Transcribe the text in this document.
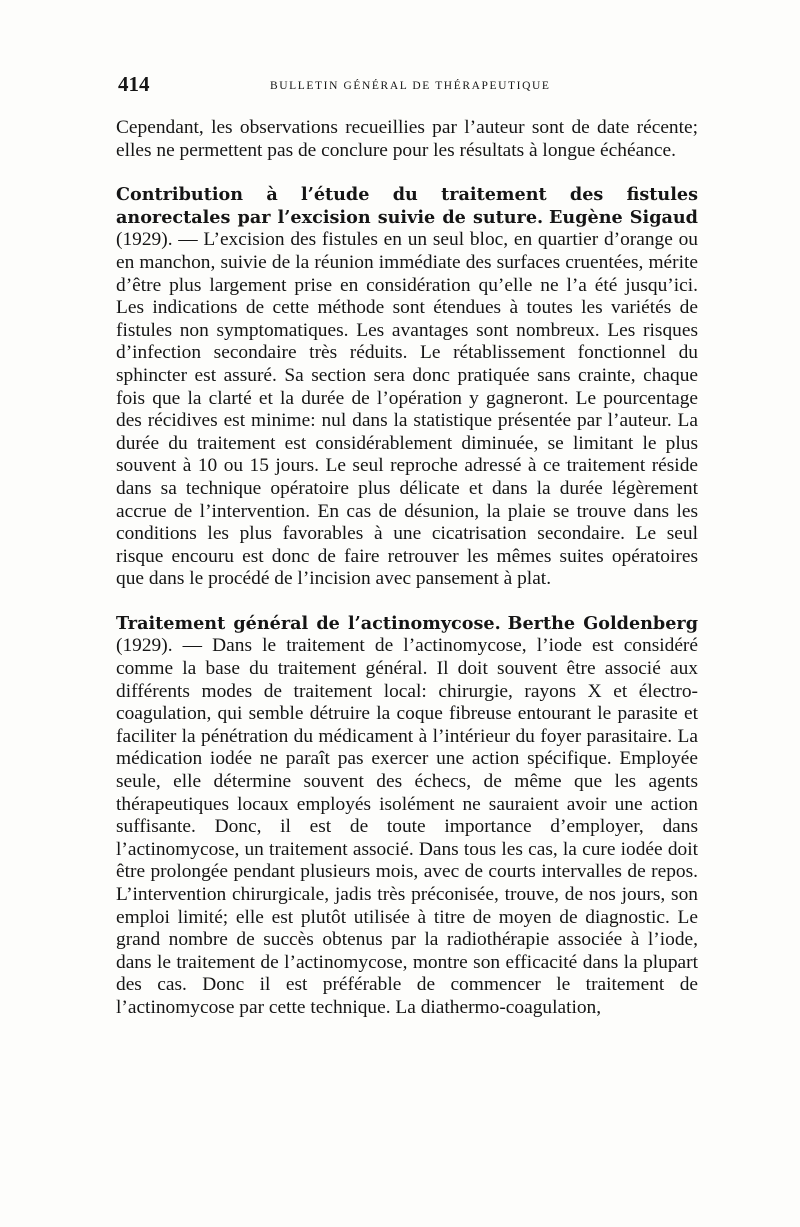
414	BULLETIN GÉNÉRAL DE THÉRAPEUTIQUE

Cependant, les observations recueillies par l’auteur sont de date récente; elles ne permettent pas de conclure pour les résultats à longue échéance.

Contribution à l’étude du traitement des fistules anorectales par l’excision suivie de suture. Eugène Sigaud (1929). — L’excision des fistules en un seul bloc, en quartier d’orange ou en manchon, suivie de la réunion immédiate des surfaces cruentées, mérite d’être plus largement prise en considération qu’elle ne l’a été jusqu’ici. Les indications de cette méthode sont étendues à toutes les variétés de fistules non symptomatiques. Les avantages sont nombreux. Les risques d’infection secondaire très réduits. Le rétablissement fonctionnel du sphincter est assuré. Sa section sera donc pratiquée sans crainte, chaque fois que la clarté et la durée de l’opération y gagneront. Le pourcentage des récidives est minime: nul dans la statistique présentée par l’auteur. La durée du traitement est considérablement diminuée, se limitant le plus souvent à 10 ou 15 jours. Le seul reproche adressé à ce traitement réside dans sa technique opératoire plus délicate et dans la durée légèrement accrue de l’intervention. En cas de désunion, la plaie se trouve dans les conditions les plus favorables à une cicatrisation secondaire. Le seul risque encouru est donc de faire retrouver les mêmes suites opératoires que dans le procédé de l’incision avec pansement à plat.

Traitement général de l’actinomycose. Berthe Goldenberg (1929). — Dans le traitement de l’actinomycose, l’iode est considéré comme la base du traitement général. Il doit souvent être associé aux différents modes de traitement local: chirurgie, rayons X et électro-coagulation, qui semble détruire la coque fibreuse entourant le parasite et faciliter la pénétration du médicament à l’intérieur du foyer parasitaire. La médication iodée ne paraît pas exercer une action spécifique. Employée seule, elle détermine souvent des échecs, de même que les agents thérapeutiques locaux employés isolément ne sauraient avoir une action suffisante. Donc, il est de toute importance d’employer, dans l’actinomycose, un traitement associé. Dans tous les cas, la cure iodée doit être prolongée pendant plusieurs mois, avec de courts intervalles de repos. L’intervention chirurgicale, jadis très préconisée, trouve, de nos jours, son emploi limité; elle est plutôt utilisée à titre de moyen de diagnostic. Le grand nombre de succès obtenus par la radiothérapie associée à l’iode, dans le traitement de l’actinomycose, montre son efficacité dans la plupart des cas. Donc il est préférable de commencer le traitement de l’actinomycose par cette technique. La diathermo-coagulation,
